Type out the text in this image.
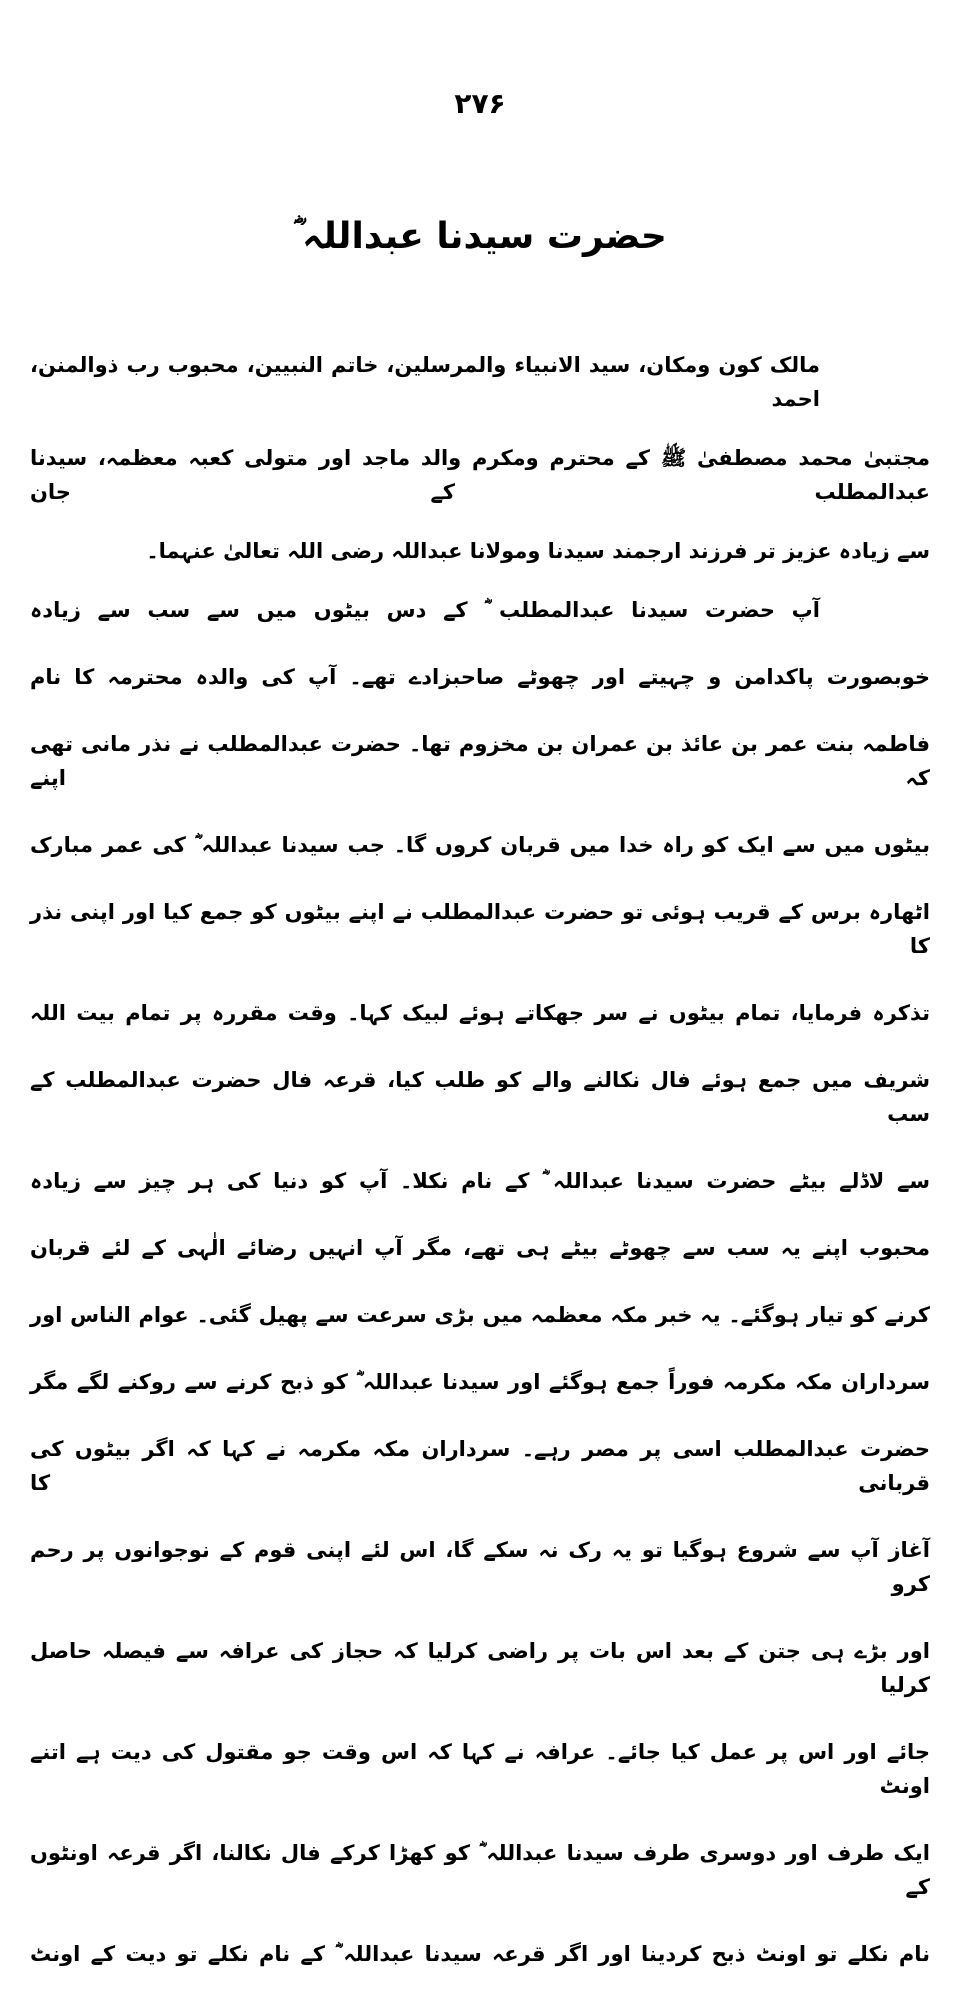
۲۷۶
حضرت سیدنا عبداللہ ؓ
مالک کون ومکان، سید الانبیاء والمرسلین، خاتم النبیین، محبوب رب ذوالمنن، احمد
مجتبیٰ محمد مصطفیٰ ﷺ کے محترم ومکرم والد ماجد اور متولی کعبہ معظمہ، سیدنا عبدالمطلب کے جان
سے زیادہ عزیز تر فرزند ارجمند سیدنا ومولانا عبداللہ رضی اللہ تعالیٰ عنہما۔
آپ حضرت سیدنا عبدالمطلب ؓ کے دس بیٹوں میں سے سب سے زیادہ
خوبصورت پاکدامن و چہیتے اور چھوٹے صاحبزادے تھے۔ آپ کی والدہ محترمہ کا نام
فاطمہ بنت عمر بن عائذ بن عمران بن مخزوم تھا۔ حضرت عبدالمطلب نے نذر مانی تھی کہ اپنے
بیٹوں میں سے ایک کو راہ خدا میں قربان کروں گا۔ جب سیدنا عبداللہ ؓ کی عمر مبارک
اٹھارہ برس کے قریب ہوئی تو حضرت عبدالمطلب نے اپنے بیٹوں کو جمع کیا اور اپنی نذر کا
تذکرہ فرمایا، تمام بیٹوں نے سر جھکاتے ہوئے لبیک کہا۔ وقت مقررہ پر تمام بیت اللہ
شریف میں جمع ہوئے فال نکالنے والے کو طلب کیا، قرعہ فال حضرت عبدالمطلب کے سب
سے لاڈلے بیٹے حضرت سیدنا عبداللہ ؓ کے نام نکلا۔ آپ کو دنیا کی ہر چیز سے زیادہ
محبوب اپنے یہ سب سے چھوٹے بیٹے ہی تھے، مگر آپ انہیں رضائے الٰہی کے لئے قربان
کرنے کو تیار ہوگئے۔ یہ خبر مکہ معظمہ میں بڑی سرعت سے پھیل گئی۔ عوام الناس اور
سرداران مکہ مکرمہ فوراً جمع ہوگئے اور سیدنا عبداللہ ؓ کو ذبح کرنے سے روکنے لگے مگر
حضرت عبدالمطلب اسی پر مصر رہے۔ سرداران مکہ مکرمہ نے کہا کہ اگر بیٹوں کی قربانی کا
آغاز آپ سے شروع ہوگیا تو یہ رک نہ سکے گا، اس لئے اپنی قوم کے نوجوانوں پر رحم کرو
اور بڑے ہی جتن کے بعد اس بات پر راضی کرلیا کہ حجاز کی عرافہ سے فیصلہ حاصل کرلیا
جائے اور اس پر عمل کیا جائے۔ عرافہ نے کہا کہ اس وقت جو مقتول کی دیت ہے اتنے اونٹ
ایک طرف اور دوسری طرف سیدنا عبداللہ ؓ کو کھڑا کرکے فال نکالنا، اگر قرعہ اونٹوں کے
نام نکلے تو اونٹ ذبح کردینا اور اگر قرعہ سیدنا عبداللہ ؓ کے نام نکلے تو دیت کے اونٹ
